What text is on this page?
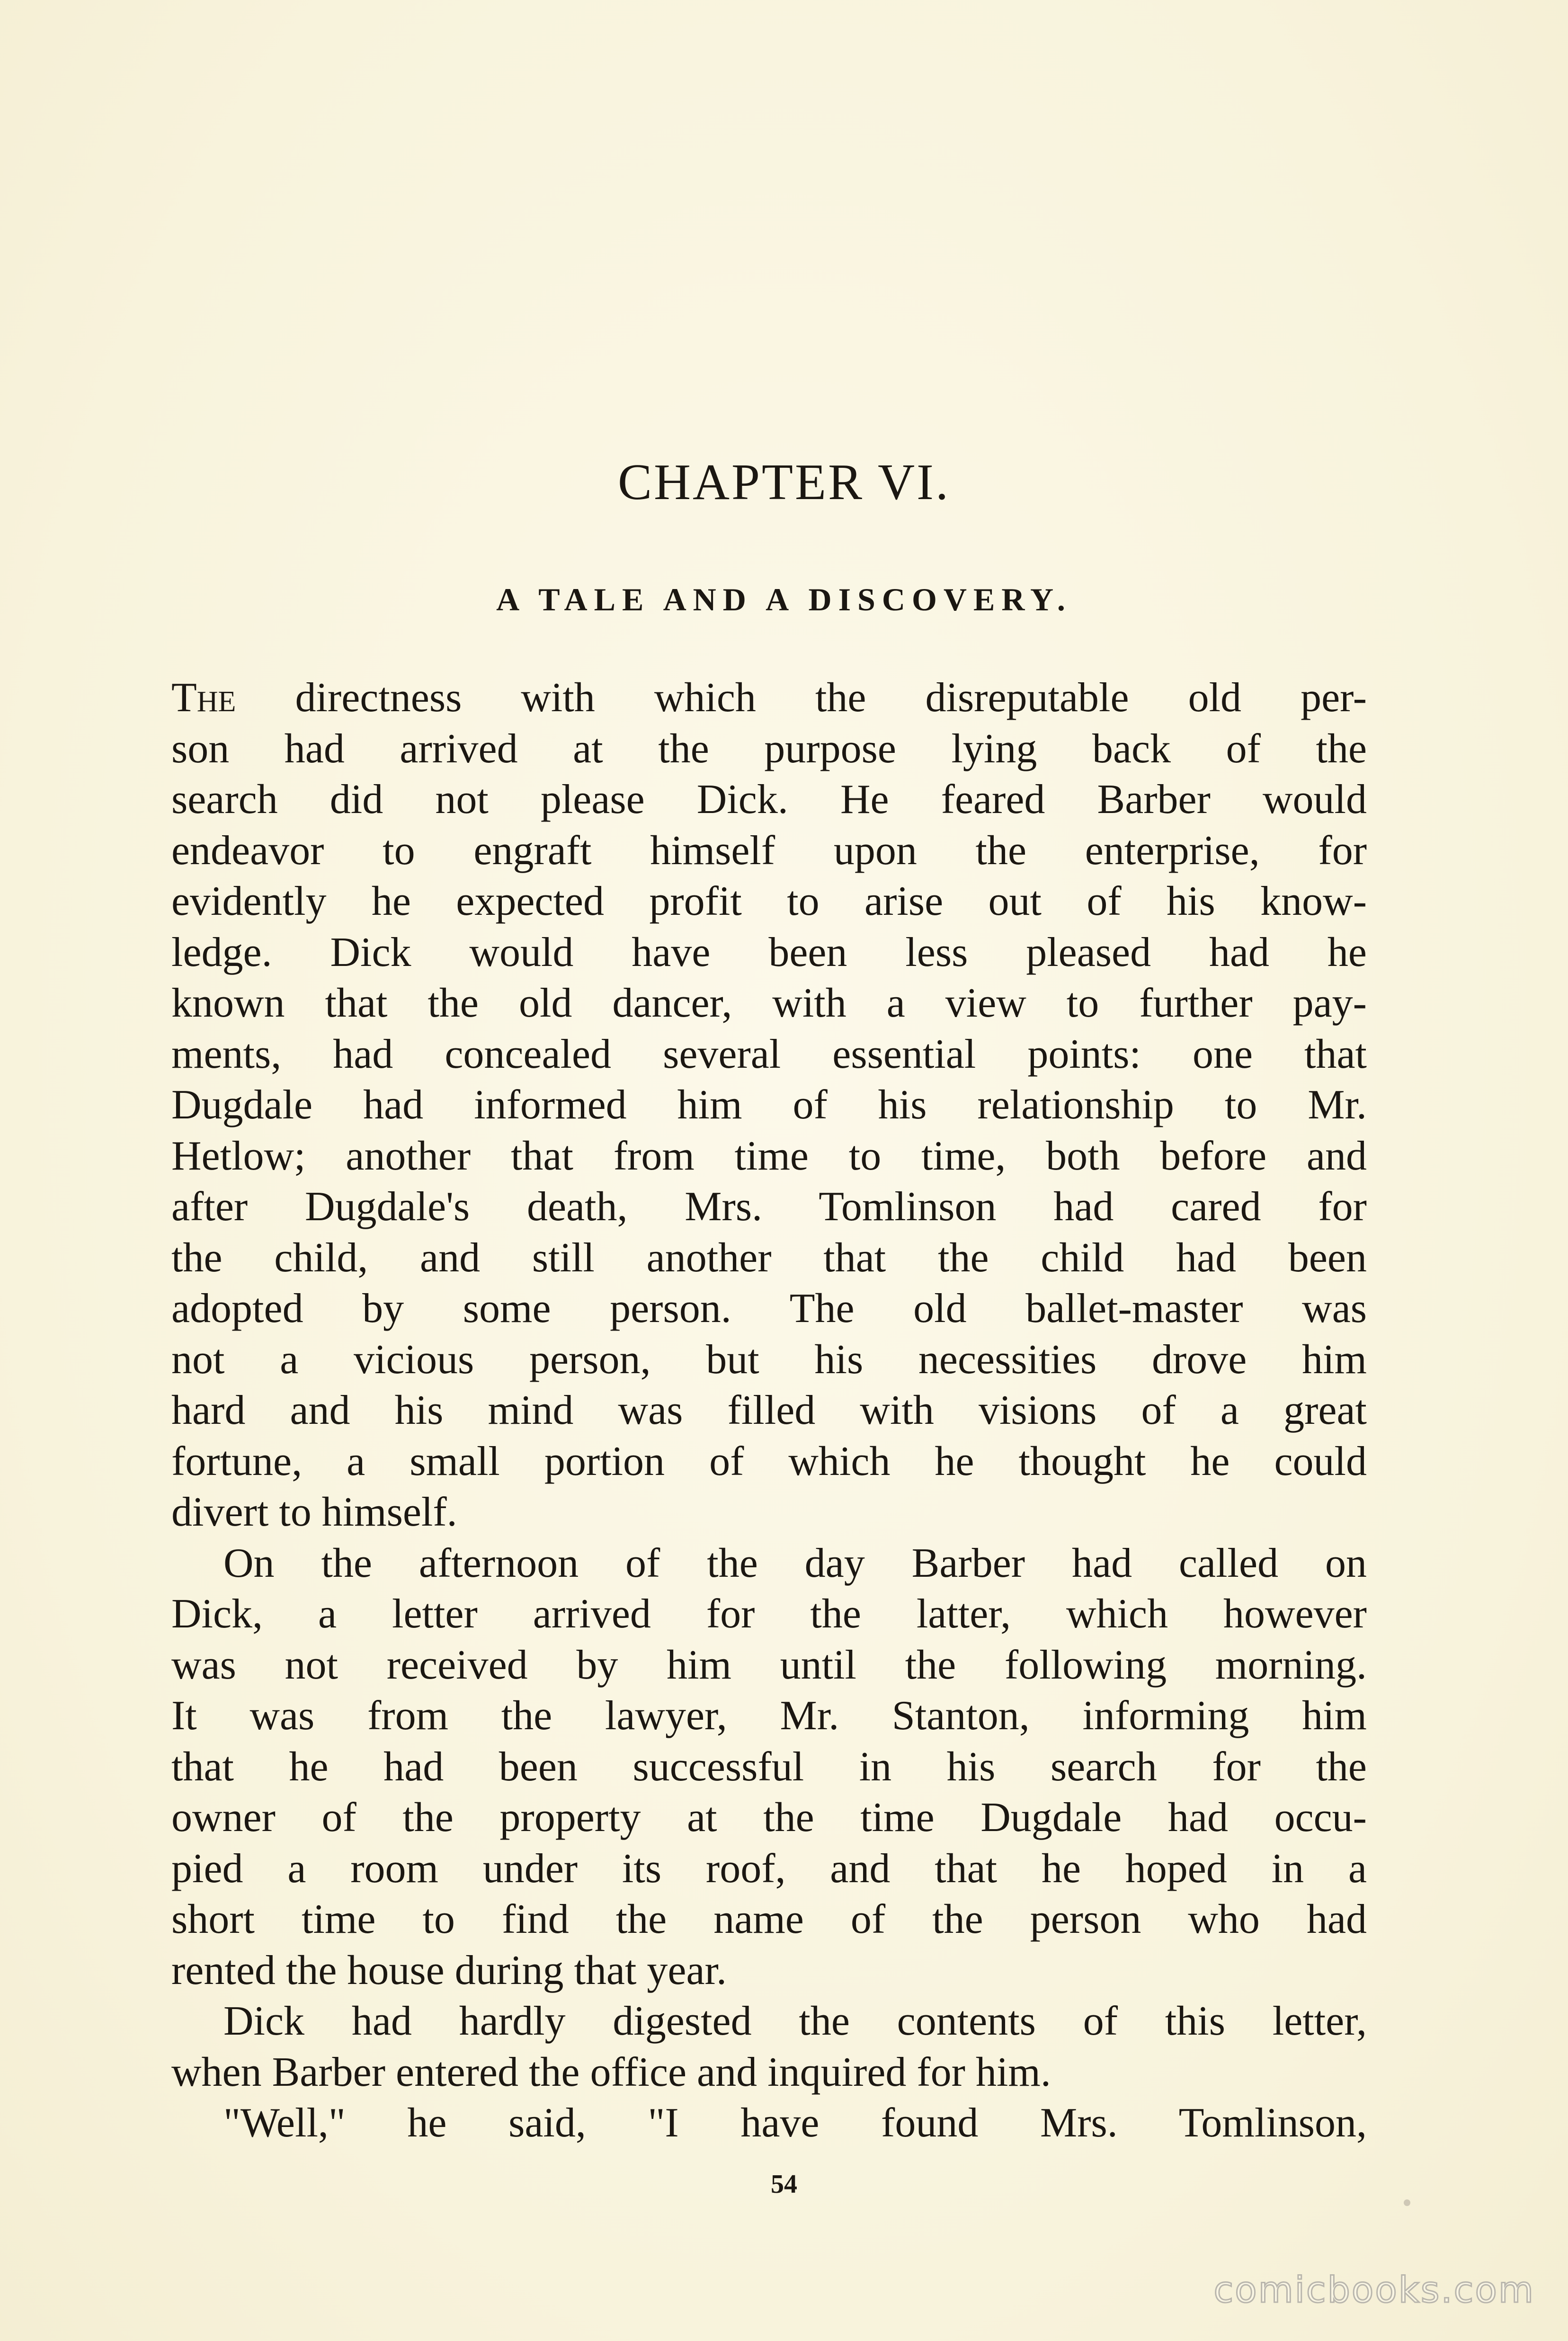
CHAPTER VI.
A TALE AND A DISCOVERY.
The directness with which the disreputable old per-
son had arrived at the purpose lying back of the
search did not please Dick. He feared Barber would
endeavor to engraft himself upon the enterprise, for
evidently he expected profit to arise out of his know-
ledge. Dick would have been less pleased had he
known that the old dancer, with a view to further pay-
ments, had concealed several essential points: one that
Dugdale had informed him of his relationship to Mr.
Hetlow; another that from time to time, both before and
after Dugdale's death, Mrs. Tomlinson had cared for
the child, and still another that the child had been
adopted by some person. The old ballet-master was
not a vicious person, but his necessities drove him
hard and his mind was filled with visions of a great
fortune, a small portion of which he thought he could
divert to himself.
On the afternoon of the day Barber had called on
Dick, a letter arrived for the latter, which however
was not received by him until the following morning.
It was from the lawyer, Mr. Stanton, informing him
that he had been successful in his search for the
owner of the property at the time Dugdale had occu-
pied a room under its roof, and that he hoped in a
short time to find the name of the person who had
rented the house during that year.
Dick had hardly digested the contents of this letter,
when Barber entered the office and inquired for him.
"Well," he said, "I have found Mrs. Tomlinson,
54
comicbooks.com
